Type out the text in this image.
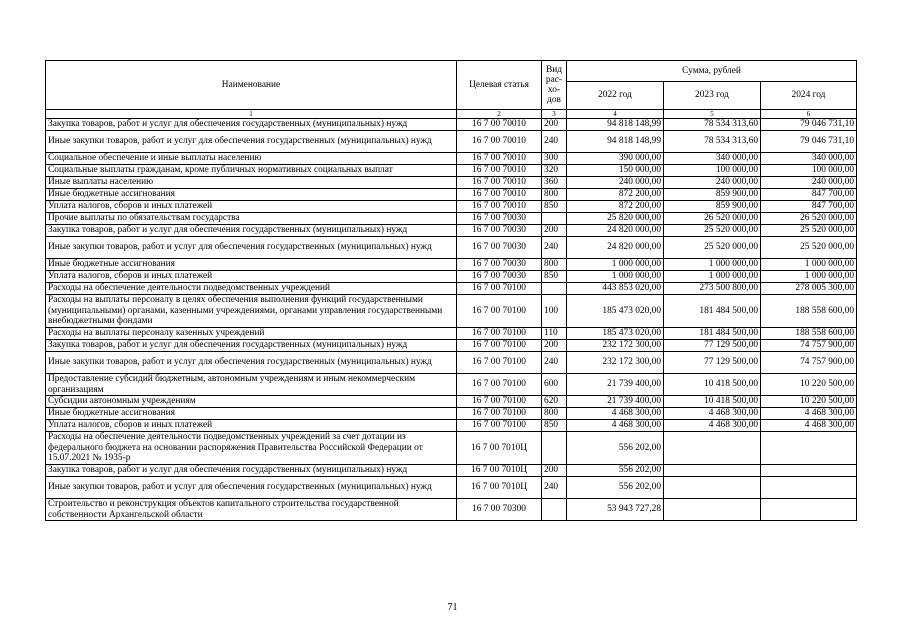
Наименование	Целевая статья	Вид рас- хо- дов	Сумма, рублей		
			2022 год	2023 год	2024 год
1	2	3	4	5	6
Закупка товаров, работ и услуг для обеспечения государственных (муниципальных) нужд	16 7 00 70010	200	94 818 148,99	78 534 313,60	79 046 731,10
Иные закупки товаров, работ и услуг для обеспечения государственных (муниципальных) нужд	16 7 00 70010	240	94 818 148,99	78 534 313,60	79 046 731,10
Социальное обеспечение и иные выплаты населению	16 7 00 70010	300	390 000,00	340 000,00	340 000,00
Социальные выплаты гражданам, кроме публичных нормативных социальных выплат	16 7 00 70010	320	150 000,00	100 000,00	100 000,00
Иные выплаты населению	16 7 00 70010	360	240 000,00	240 000,00	240 000,00
Иные бюджетные ассигнования	16 7 00 70010	800	872 200,00	859 900,00	847 700,00
Уплата налогов, сборов и иных платежей	16 7 00 70010	850	872 200,00	859 900,00	847 700,00
Прочие выплаты по обязательствам государства	16 7 00 70030		25 820 000,00	26 520 000,00	26 520 000,00
Закупка товаров, работ и услуг для обеспечения государственных (муниципальных) нужд	16 7 00 70030	200	24 820 000,00	25 520 000,00	25 520 000,00
Иные закупки товаров, работ и услуг для обеспечения государственных (муниципальных) нужд	16 7 00 70030	240	24 820 000,00	25 520 000,00	25 520 000,00
Иные бюджетные ассигнования	16 7 00 70030	800	1 000 000,00	1 000 000,00	1 000 000,00
Уплата налогов, сборов и иных платежей	16 7 00 70030	850	1 000 000,00	1 000 000,00	1 000 000,00
Расходы на обеспечение деятельности подведомственных учреждений	16 7 00 70100		443 853 020,00	273 500 800,00	278 005 300,00
Расходы на выплаты персоналу в целях обеспечения выполнения функций государственными (муниципальными) органами, казенными учреждениями, органами управления государственными внебюджетными фондами	16 7 00 70100	100	185 473 020,00	181 484 500,00	188 558 600,00
Расходы на выплаты персоналу казенных учреждений	16 7 00 70100	110	185 473 020,00	181 484 500,00	188 558 600,00
Закупка товаров, работ и услуг для обеспечения государственных (муниципальных) нужд	16 7 00 70100	200	232 172 300,00	77 129 500,00	74 757 900,00
Иные закупки товаров, работ и услуг для обеспечения государственных (муниципальных) нужд	16 7 00 70100	240	232 172 300,00	77 129 500,00	74 757 900,00
Предоставление субсидий бюджетным, автономным учреждениям и иным некоммерческим организациям	16 7 00 70100	600	21 739 400,00	10 418 500,00	10 220 500,00
Субсидии автономным учреждениям	16 7 00 70100	620	21 739 400,00	10 418 500,00	10 220 500,00
Иные бюджетные ассигнования	16 7 00 70100	800	4 468 300,00	4 468 300,00	4 468 300,00
Уплата налогов, сборов и иных платежей	16 7 00 70100	850	4 468 300,00	4 468 300,00	4 468 300,00
Расходы на обеспечение деятельности подведомственных учреждений за счет дотации из федерального бюджета на основании распоряжения Правительства Российской Федерации от 15.07.2021 № 1935-р	16 7 00 7010Ц		556 202,00		
Закупка товаров, работ и услуг для обеспечения государственных (муниципальных) нужд	16 7 00 7010Ц	200	556 202,00		
Иные закупки товаров, работ и услуг для обеспечения государственных (муниципальных) нужд	16 7 00 7010Ц	240	556 202,00		
Строительство и реконструкция объектов капитального строительства государственной собственности Архангельской области	16 7 00 70300		53 943 727,28		
71
